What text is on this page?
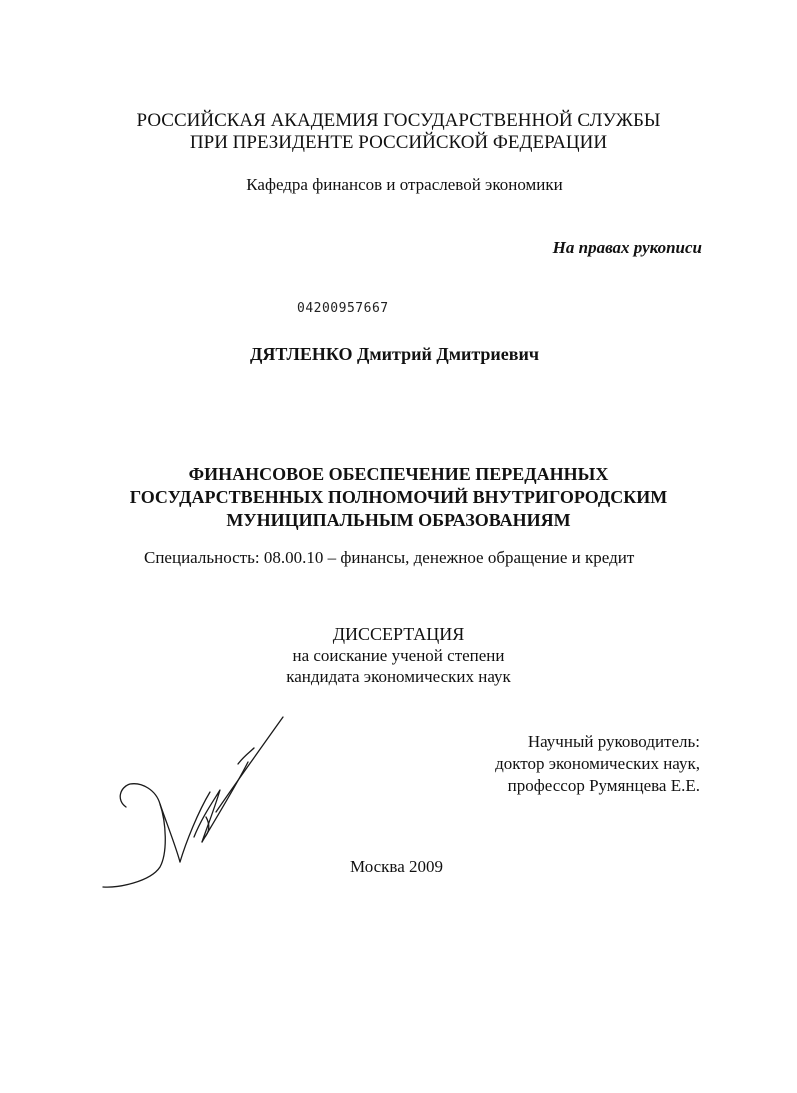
РОССИЙСКАЯ АКАДЕМИЯ ГОСУДАРСТВЕННОЙ СЛУЖБЫ
ПРИ ПРЕЗИДЕНТЕ РОССИЙСКОЙ ФЕДЕРАЦИИ
Кафедра финансов и отраслевой экономики
На правах рукописи
04200957667
ДЯТЛЕНКО Дмитрий Дмитриевич
ФИНАНСОВОЕ ОБЕСПЕЧЕНИЕ ПЕРЕДАННЫХ
ГОСУДАРСТВЕННЫХ ПОЛНОМОЧИЙ ВНУТРИГОРОДСКИМ
МУНИЦИПАЛЬНЫМ ОБРАЗОВАНИЯМ
Специальность: 08.00.10 – финансы, денежное обращение и кредит
ДИССЕРТАЦИЯ
на соискание ученой степени
кандидата экономических наук
Научный руководитель:
доктор экономических наук,
профессор Румянцева Е.Е.
Москва 2009
